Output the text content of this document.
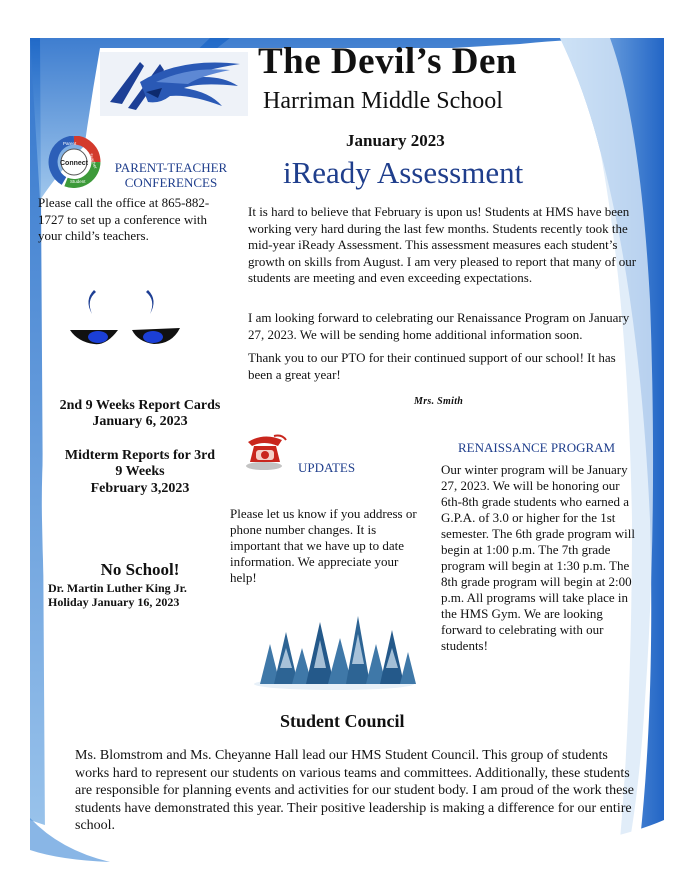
The Devil’s Den
Harriman Middle School
January 2023
iReady Assessment
It is hard to believe that February is upon us! Students at HMS have been working very hard during the last few months. Students recently took the mid-year iReady Assessment. This assessment measures each student’s growth on skills from August. I am very pleased to report that many of our students are meeting and even exceeding expectations.
I am looking forward to celebrating our Renaissance Program on January 27, 2023. We will be sending home additional information soon.
Thank you to our PTO for their continued support of our school! It has been a great year!
Mrs. Smith
Connect
Parent
Teacher
Student
PARENT-TEACHER CONFERENCES
Please call the office at 865-882-1727 to set up a conference with your child’s teachers.
2nd 9 Weeks Report Cards
January 6, 2023
Midterm Reports for 3rd
9 Weeks
February 3,2023
No School!
Dr. Martin Luther King Jr.
Holiday January 16, 2023
UPDATES
Please let us know if you address or phone number changes. It is important that we have up to date information. We appreciate your help!
RENAISSANCE PROGRAM
Our winter program will be January 27, 2023. We will be honoring our 6th-8th grade students who earned a G.P.A. of 3.0 or higher for the 1st semester. The 6th grade program will begin at 1:00 p.m. The 7th grade program will begin at 1:30 p.m. The 8th grade program will begin at 2:00 p.m. All programs will take place in the HMS Gym. We are looking forward to celebrating with our students!
Student Council
Ms. Blomstrom and Ms. Cheyanne Hall lead our HMS Student Council. This group of students works hard to represent our students on various teams and committees. Additionally, these students are responsible for planning events and activities for our student body. I am proud of the work these students have demonstrated this year. Their positive leadership is making a difference for our entire school.
